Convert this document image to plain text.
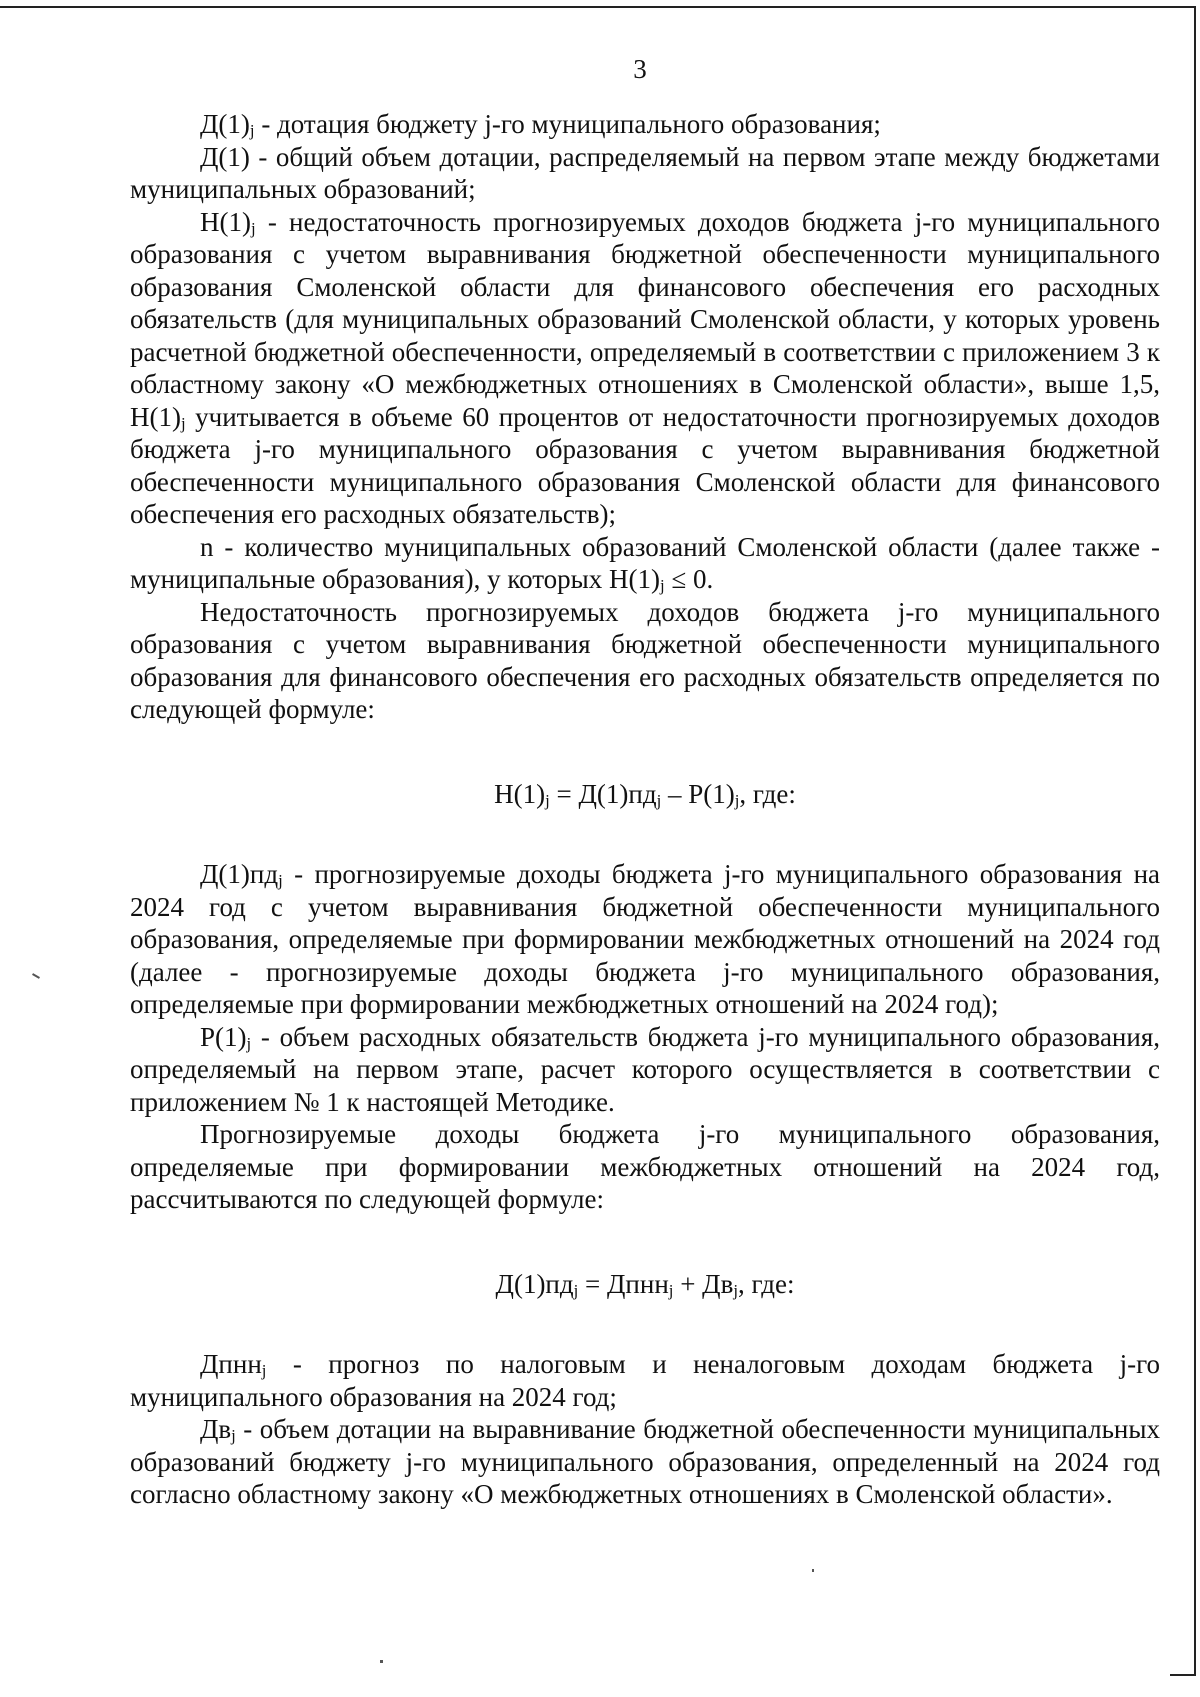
3

$Д(1)_j$ - дотация бюджету j-го муниципального образования;

Д(1) - общий объем дотации, распределяемый на первом этапе между бюджетами муниципальных образований;

$Н(1)_j$ - недостаточность прогнозируемых доходов бюджета j-го муниципального образования с учетом выравнивания бюджетной обеспеченности муниципального образования Смоленской области для финансового обеспечения его расходных обязательств (для муниципальных образований Смоленской области, у которых уровень расчетной бюджетной обеспеченности, определяемый в соответствии с приложением 3 к областному закону «О межбюджетных отношениях в Смоленской области», выше 1,5, $Н(1)_j$ учитывается в объеме 60 процентов от недостаточности прогнозируемых доходов бюджета j-го муниципального образования с учетом выравнивания бюджетной обеспеченности муниципального образования Смоленской области для финансового обеспечения его расходных обязательств);

n - количество муниципальных образований Смоленской области (далее также - муниципальные образования), у которых $Н(1)_j \le 0$.

Недостаточность прогнозируемых доходов бюджета j-го муниципального образования с учетом выравнивания бюджетной обеспеченности муниципального образования для финансового обеспечения его расходных обязательств определяется по следующей формуле:

$Н(1)_j = Д(1)пд_j - Р(1)_j$, где:

$Д(1)пд_j$ - прогнозируемые доходы бюджета j-го муниципального образования на 2024 год с учетом выравнивания бюджетной обеспеченности муниципального образования, определяемые при формировании межбюджетных отношений на 2024 год (далее - прогнозируемые доходы бюджета j-го муниципального образования, определяемые при формировании межбюджетных отношений на 2024 год);

$Р(1)_j$ - объем расходных обязательств бюджета j-го муниципального образования, определяемый на первом этапе, расчет которого осуществляется в соответствии с приложением № 1 к настоящей Методике.

Прогнозируемые доходы бюджета j-го муниципального образования, определяемые при формировании межбюджетных отношений на 2024 год, рассчитываются по следующей формуле:

$Д(1)пд_j$ = Дпнн$_j$ + $Дв_j$, где:

Дпнн$_j$ - прогноз по налоговым и неналоговым доходам бюджета j-го муниципального образования на 2024 год;

$Дв_j$ - объем дотации на выравнивание бюджетной обеспеченности муниципальных образований бюджету j-го муниципального образования, определенный на 2024 год согласно областному закону «О межбюджетных отношениях в Смоленской области».
